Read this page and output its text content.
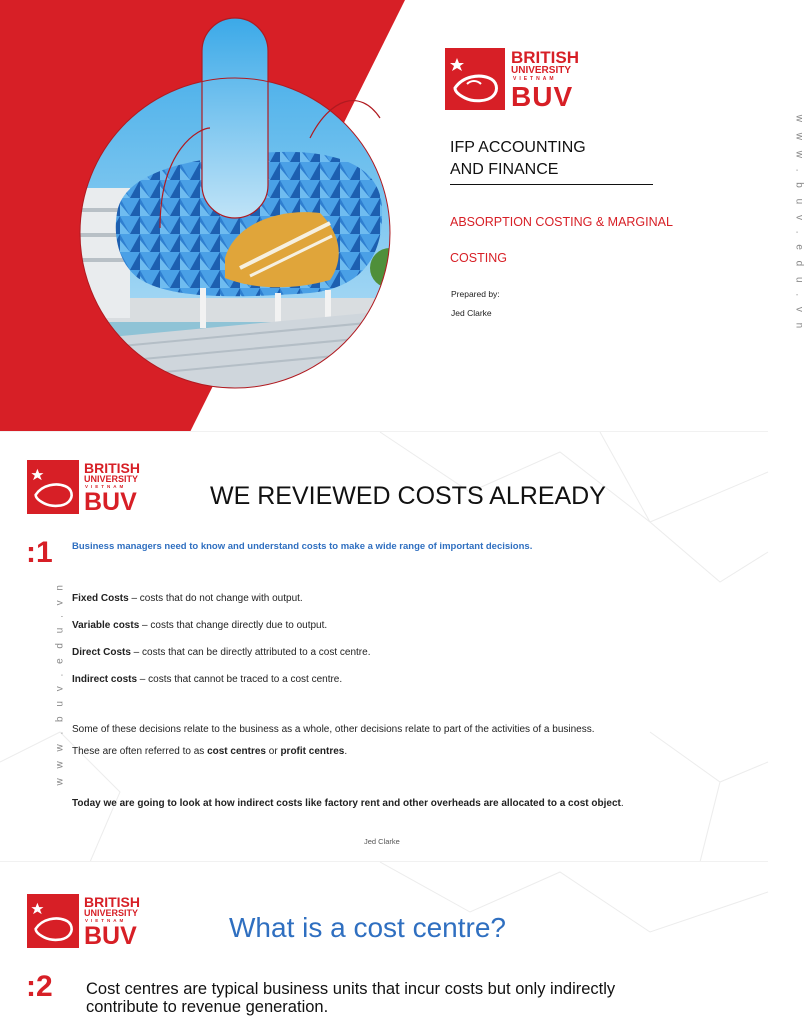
BRITISH
UNIVERSITY
VIETNAM
BUV
IFP ACCOUNTING
AND FINANCE
ABSORPTION COSTING & MARGINAL
COSTING
Prepared by:
Jed Clarke	w w w . b u v . e d u . v n
BRITISH
UNIVERSITY
VIETNAM
BUV	WE REVIEWED COSTS ALREADY
:1 Business managers need to know and understand costs to make a wide range of important decisions.
w w w . b u v . e d u . v n Fixed Costs – costs that do not change with output.
Variable costs – costs that change directly due to output.
Direct Costs – costs that can be directly attributed to a cost centre.
Indirect costs – costs that cannot be traced to a cost centre.
Some of these decisions relate to the business as a whole, other decisions relate to part of the activities of a business.
These are often referred to as cost centres or profit centres.
Today we are going to look at how indirect costs like factory rent and other overheads are allocated to a cost object.
Jed Clarke
BRITISH
UNIVERSITY
VIETNAM
BUV	What is a cost centre?
:2 Cost centres are typical business units that incur costs but only indirectly
contribute to revenue generation.
